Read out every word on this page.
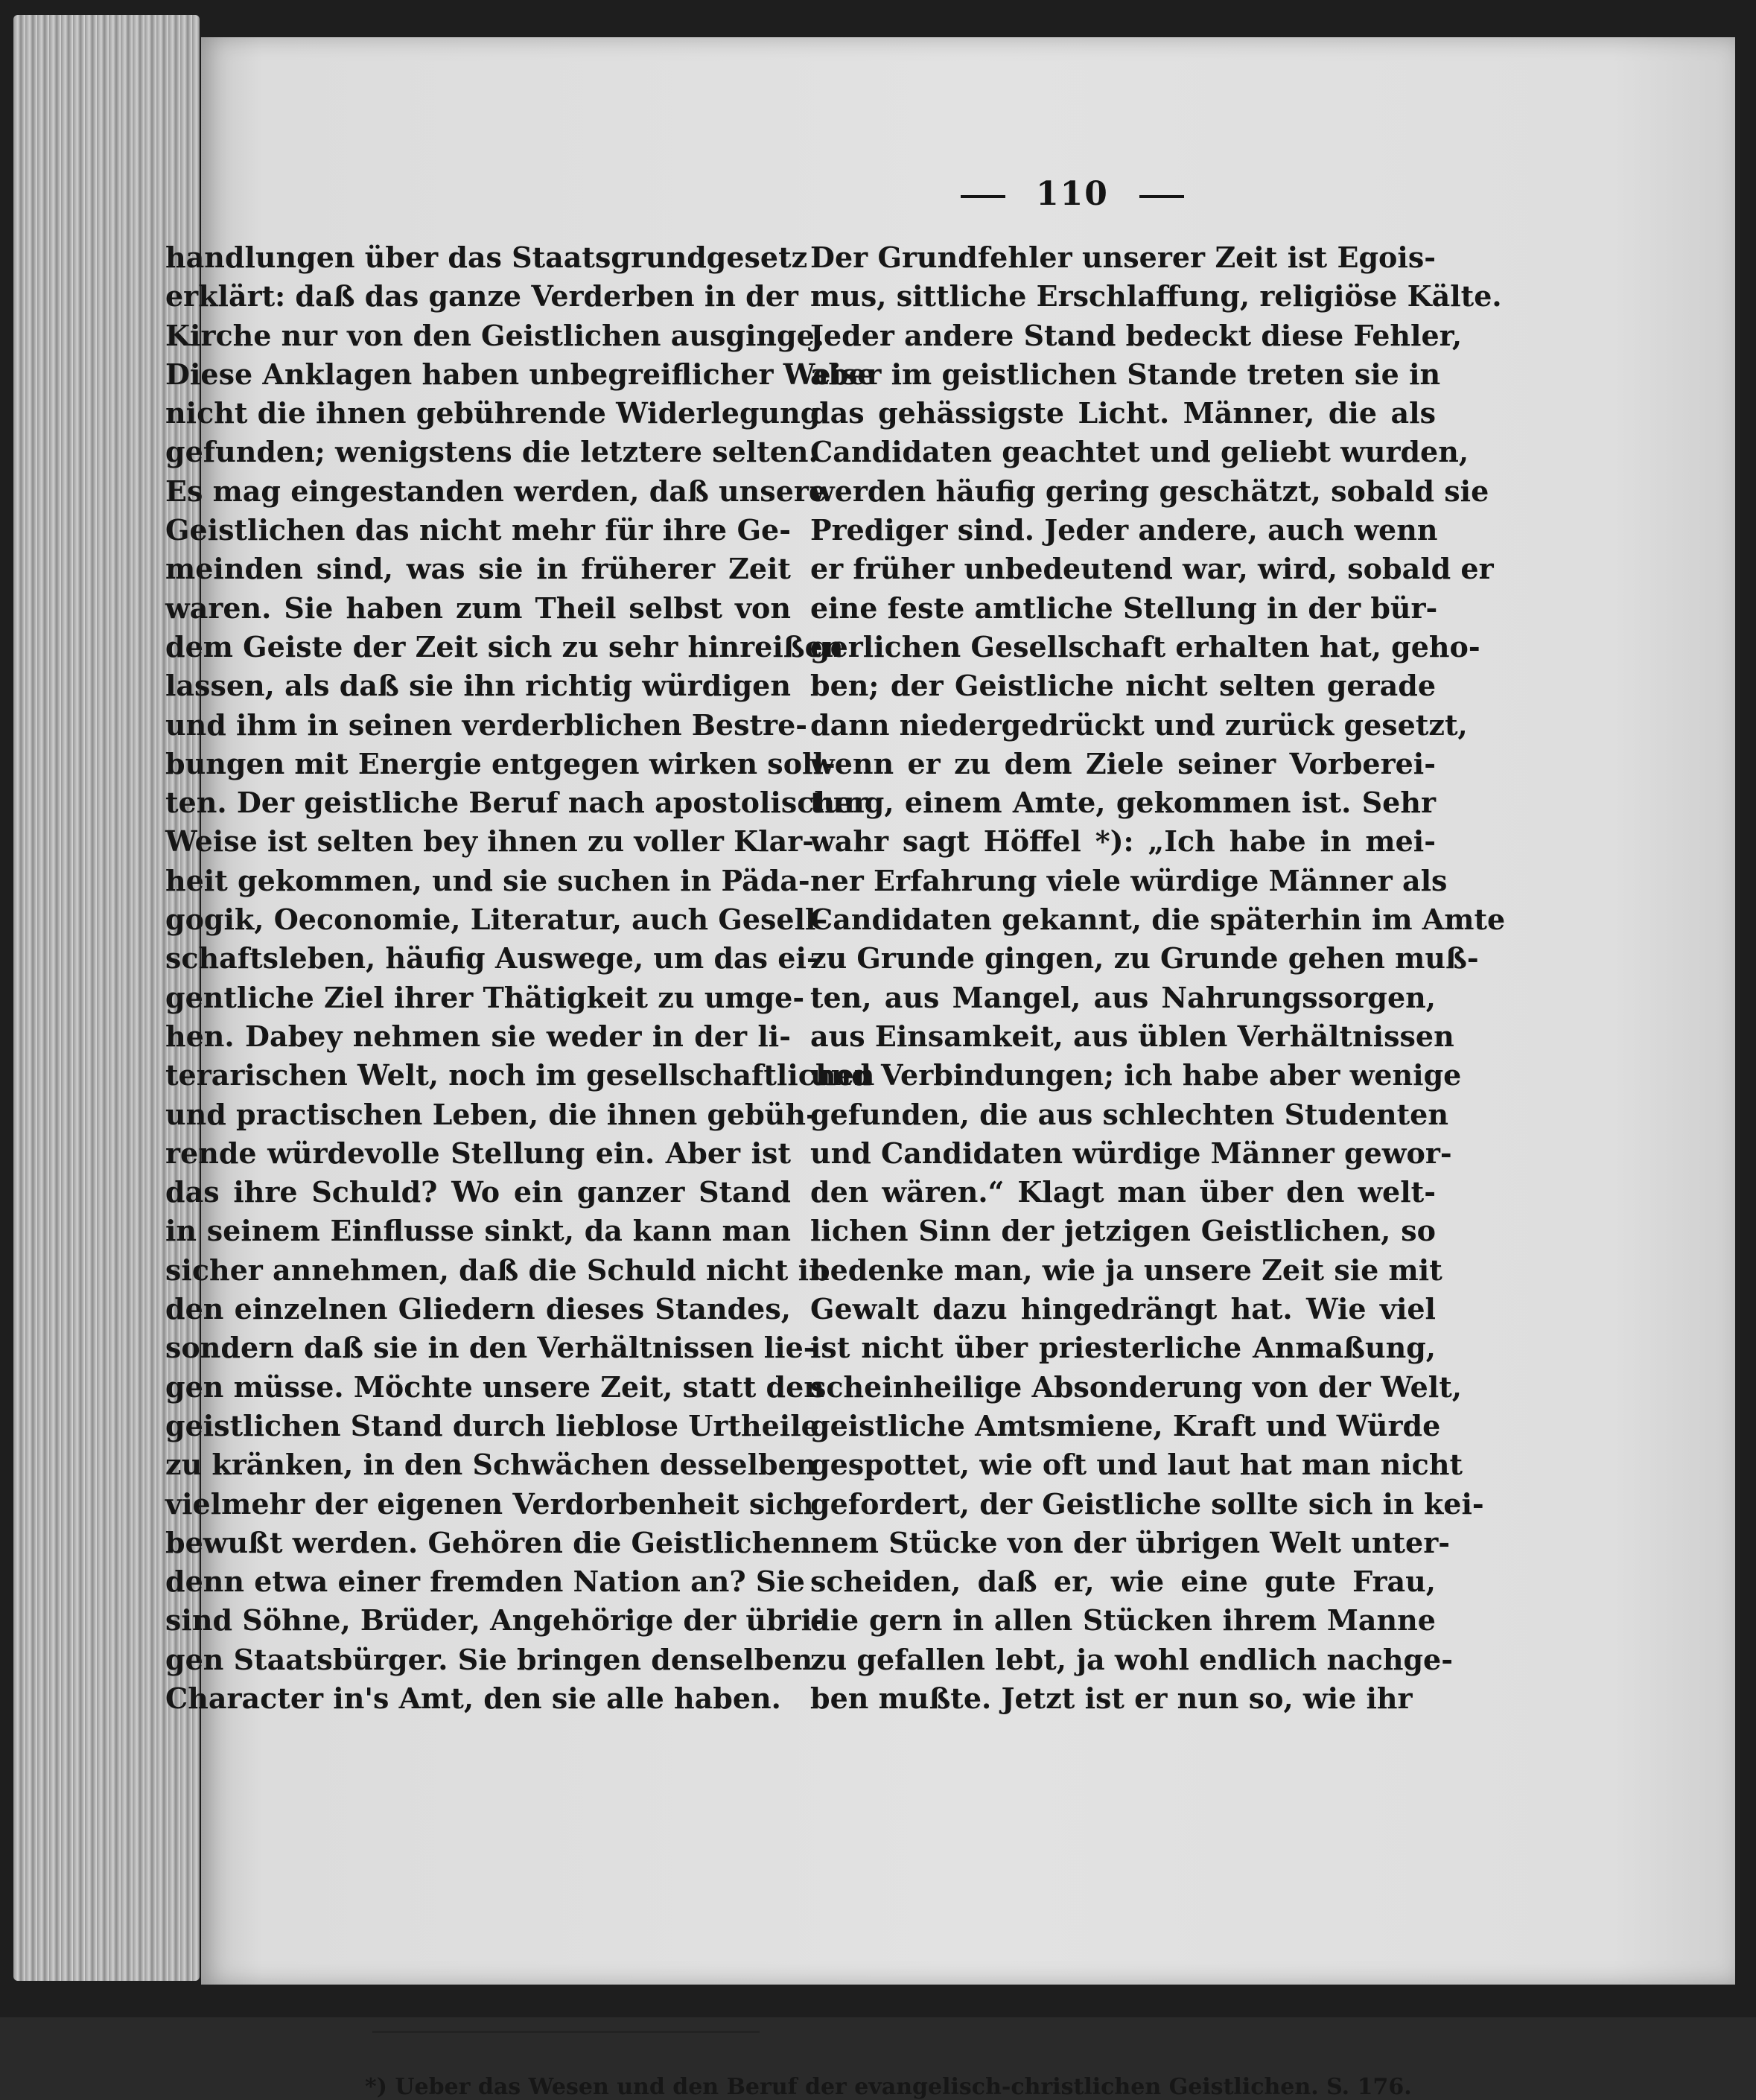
110
handlungen über das Staatsgrundgesetz
erklärt: daß das ganze Verderben in der
Kirche nur von den Geistlichen ausginge.
Diese Anklagen haben unbegreiflicher Weise
nicht die ihnen gebührende Widerlegung
gefunden; wenigstens die letztere selten.
Es mag eingestanden werden, daß unsere
Geistlichen das nicht mehr für ihre Ge-
meinden sind, was sie in früherer Zeit
waren. Sie haben zum Theil selbst von
dem Geiste der Zeit sich zu sehr hinreißen
lassen, als daß sie ihn richtig würdigen
und ihm in seinen verderblichen Bestre-
bungen mit Energie entgegen wirken soll-
ten. Der geistliche Beruf nach apostolischer
Weise ist selten bey ihnen zu voller Klar-
heit gekommen, und sie suchen in Päda-
gogik, Oeconomie, Literatur, auch Gesell-
schaftsleben, häufig Auswege, um das ei-
gentliche Ziel ihrer Thätigkeit zu umge-
hen. Dabey nehmen sie weder in der li-
terarischen Welt, noch im gesellschaftlichen
und practischen Leben, die ihnen gebüh-
rende würdevolle Stellung ein. Aber ist
das ihre Schuld? Wo ein ganzer Stand
in seinem Einflusse sinkt, da kann man
sicher annehmen, daß die Schuld nicht in
den einzelnen Gliedern dieses Standes,
sondern daß sie in den Verhältnissen lie-
gen müsse. Möchte unsere Zeit, statt den
geistlichen Stand durch lieblose Urtheile
zu kränken, in den Schwächen desselben
vielmehr der eigenen Verdorbenheit sich
bewußt werden. Gehören die Geistlichen
denn etwa einer fremden Nation an? Sie
sind Söhne, Brüder, Angehörige der übri-
gen Staatsbürger. Sie bringen denselben
Character in's Amt, den sie alle haben.
Der Grundfehler unserer Zeit ist Egois-
mus, sittliche Erschlaffung, religiöse Kälte.
Jeder andere Stand bedeckt diese Fehler,
aber im geistlichen Stande treten sie in
das gehässigste Licht. Männer, die als
Candidaten geachtet und geliebt wurden,
werden häufig gering geschätzt, sobald sie
Prediger sind. Jeder andere, auch wenn
er früher unbedeutend war, wird, sobald er
eine feste amtliche Stellung in der bür-
gerlichen Gesellschaft erhalten hat, geho-
ben; der Geistliche nicht selten gerade
dann niedergedrückt und zurück gesetzt,
wenn er zu dem Ziele seiner Vorberei-
tung, einem Amte, gekommen ist. Sehr
wahr sagt Höffel *): „Ich habe in mei-
ner Erfahrung viele würdige Männer als
Candidaten gekannt, die späterhin im Amte
zu Grunde gingen, zu Grunde gehen muß-
ten, aus Mangel, aus Nahrungssorgen,
aus Einsamkeit, aus üblen Verhältnissen
und Verbindungen; ich habe aber wenige
gefunden, die aus schlechten Studenten
und Candidaten würdige Männer gewor-
den wären.“ Klagt man über den welt-
lichen Sinn der jetzigen Geistlichen, so
bedenke man, wie ja unsere Zeit sie mit
Gewalt dazu hingedrängt hat. Wie viel
ist nicht über priesterliche Anmaßung,
scheinheilige Absonderung von der Welt,
geistliche Amtsmiene, Kraft und Würde
gespottet, wie oft und laut hat man nicht
gefordert, der Geistliche sollte sich in kei-
nem Stücke von der übrigen Welt unter-
scheiden, daß er, wie eine gute Frau,
die gern in allen Stücken ihrem Manne
zu gefallen lebt, ja wohl endlich nachge-
ben mußte. Jetzt ist er nun so, wie ihr
*) Ueber das Wesen und den Beruf der evangelisch-christlichen Geistlichen. S. 176.
